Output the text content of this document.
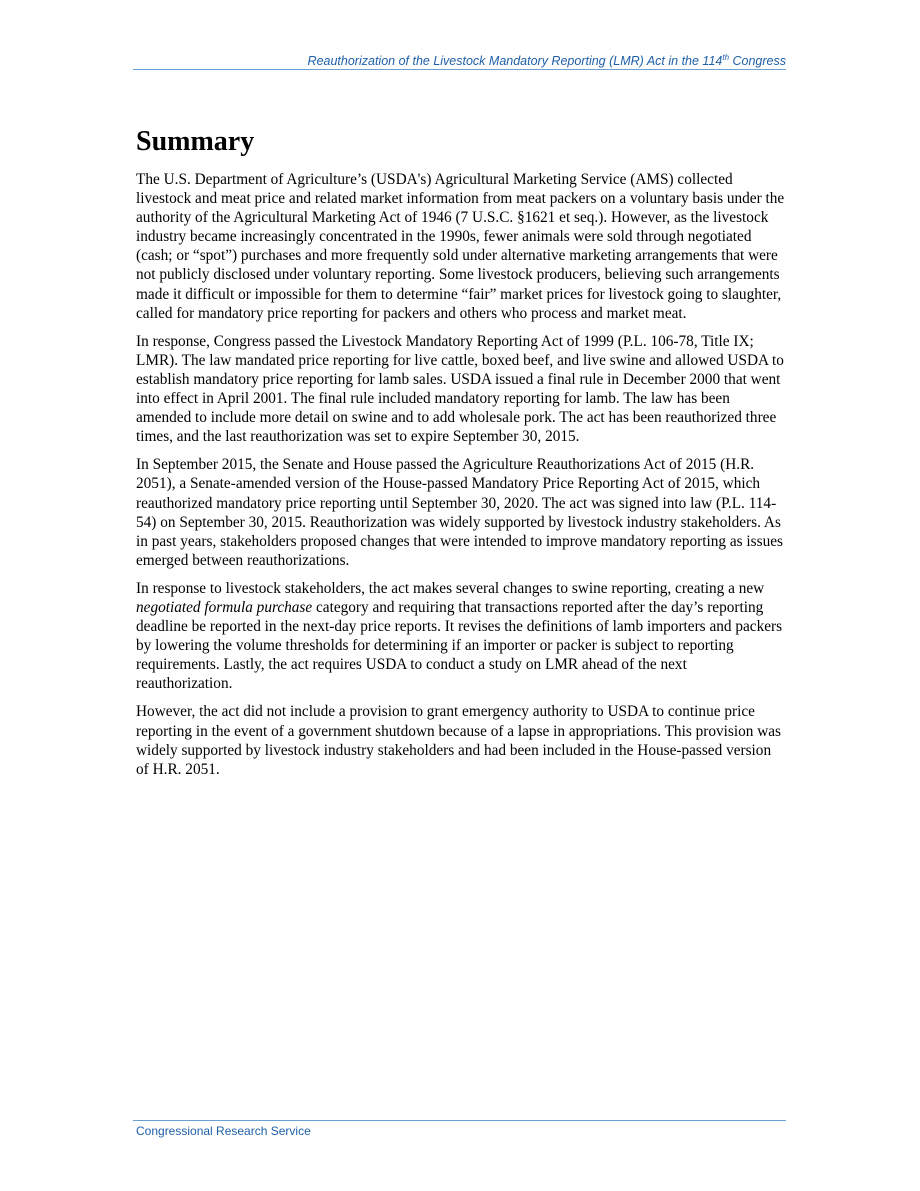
Reauthorization of the Livestock Mandatory Reporting (LMR) Act in the 114th Congress
Summary

The U.S. Department of Agriculture’s (USDA's) Agricultural Marketing Service (AMS) collected livestock and meat price and related market information from meat packers on a voluntary basis under the authority of the Agricultural Marketing Act of 1946 (7 U.S.C. §1621 et seq.). However, as the livestock industry became increasingly concentrated in the 1990s, fewer animals were sold through negotiated (cash; or “spot”) purchases and more frequently sold under alternative marketing arrangements that were not publicly disclosed under voluntary reporting. Some livestock producers, believing such arrangements made it difficult or impossible for them to determine “fair” market prices for livestock going to slaughter, called for mandatory price reporting for packers and others who process and market meat.

In response, Congress passed the Livestock Mandatory Reporting Act of 1999 (P.L. 106-78, Title IX; LMR). The law mandated price reporting for live cattle, boxed beef, and live swine and allowed USDA to establish mandatory price reporting for lamb sales. USDA issued a final rule in December 2000 that went into effect in April 2001. The final rule included mandatory reporting for lamb. The law has been amended to include more detail on swine and to add wholesale pork. The act has been reauthorized three times, and the last reauthorization was set to expire September 30, 2015.

In September 2015, the Senate and House passed the Agriculture Reauthorizations Act of 2015 (H.R. 2051), a Senate-amended version of the House-passed Mandatory Price Reporting Act of 2015, which reauthorized mandatory price reporting until September 30, 2020. The act was signed into law (P.L. 114-54) on September 30, 2015. Reauthorization was widely supported by livestock industry stakeholders. As in past years, stakeholders proposed changes that were intended to improve mandatory reporting as issues emerged between reauthorizations.

In response to livestock stakeholders, the act makes several changes to swine reporting, creating a new negotiated formula purchase category and requiring that transactions reported after the day’s reporting deadline be reported in the next-day price reports. It revises the definitions of lamb importers and packers by lowering the volume thresholds for determining if an importer or packer is subject to reporting requirements. Lastly, the act requires USDA to conduct a study on LMR ahead of the next reauthorization.

However, the act did not include a provision to grant emergency authority to USDA to continue price reporting in the event of a government shutdown because of a lapse in appropriations. This provision was widely supported by livestock industry stakeholders and had been included in the House-passed version of H.R. 2051.

Congressional Research Service
